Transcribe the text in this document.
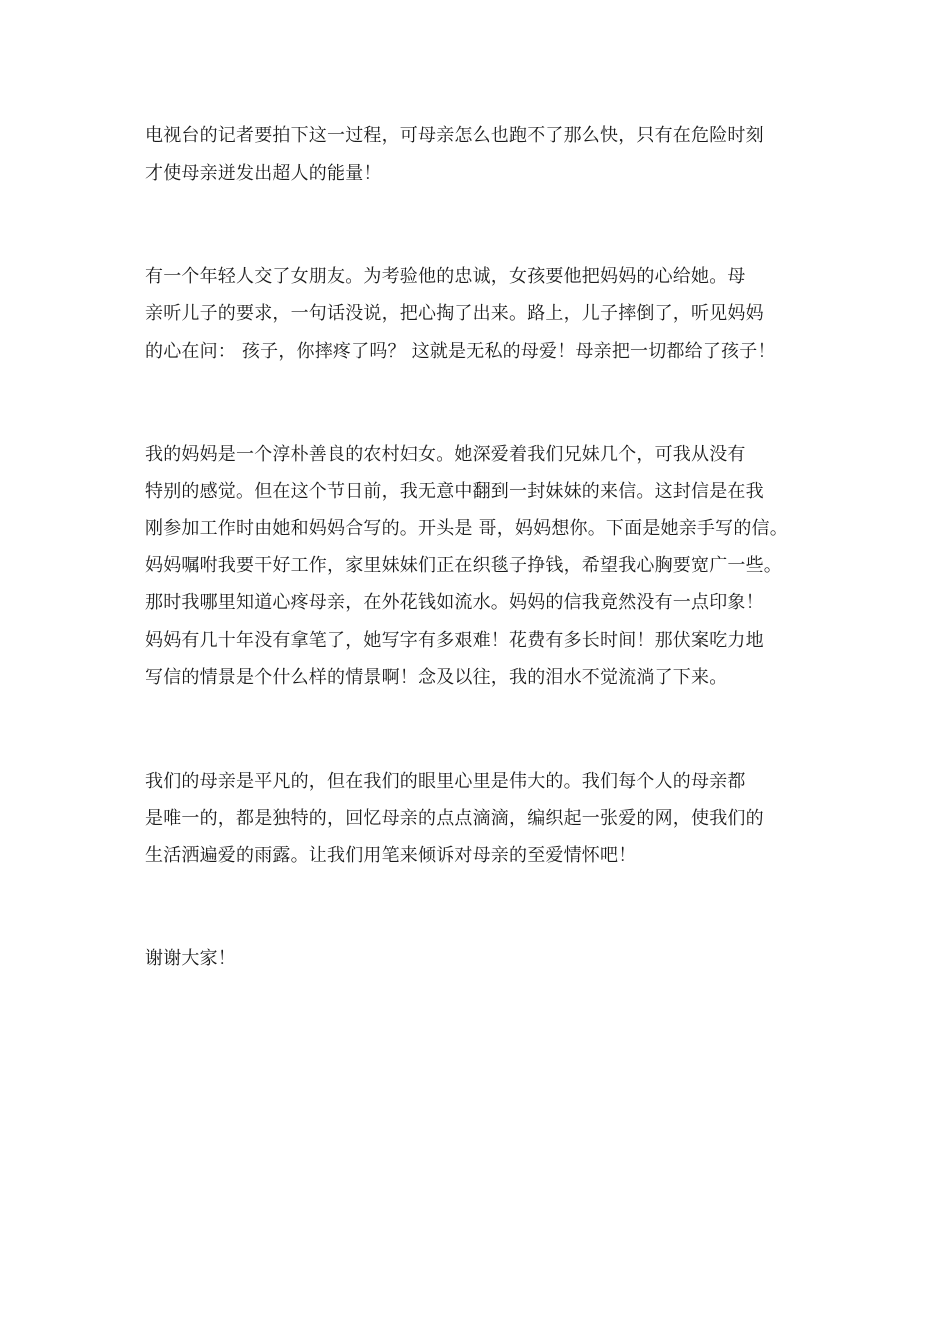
电视台的记者要拍下这一过程，可母亲怎么也跑不了那么快，只有在危险时刻
才使母亲迸发出超人的能量！
有一个年轻人交了女朋友。为考验他的忠诚，女孩要他把妈妈的心给她。母
亲听儿子的要求，一句话没说，把心掏了出来。路上，儿子摔倒了，听见妈妈
的心在问： 孩子，你摔疼了吗？ 这就是无私的母爱！母亲把一切都给了孩子！
我的妈妈是一个淳朴善良的农村妇女。她深爱着我们兄妹几个，可我从没有
特别的感觉。但在这个节日前，我无意中翻到一封妹妹的来信。这封信是在我
刚参加工作时由她和妈妈合写的。开头是 哥，妈妈想你。下面是她亲手写的信。
妈妈嘱咐我要干好工作，家里妹妹们正在织毯子挣钱，希望我心胸要宽广一些。
那时我哪里知道心疼母亲，在外花钱如流水。妈妈的信我竟然没有一点印象！
妈妈有几十年没有拿笔了，她写字有多艰难！花费有多长时间！那伏案吃力地
写信的情景是个什么样的情景啊！念及以往，我的泪水不觉流淌了下来。
我们的母亲是平凡的，但在我们的眼里心里是伟大的。我们每个人的母亲都
是唯一的，都是独特的，回忆母亲的点点滴滴，编织起一张爱的网，使我们的
生活洒遍爱的雨露。让我们用笔来倾诉对母亲的至爱情怀吧！
谢谢大家！
